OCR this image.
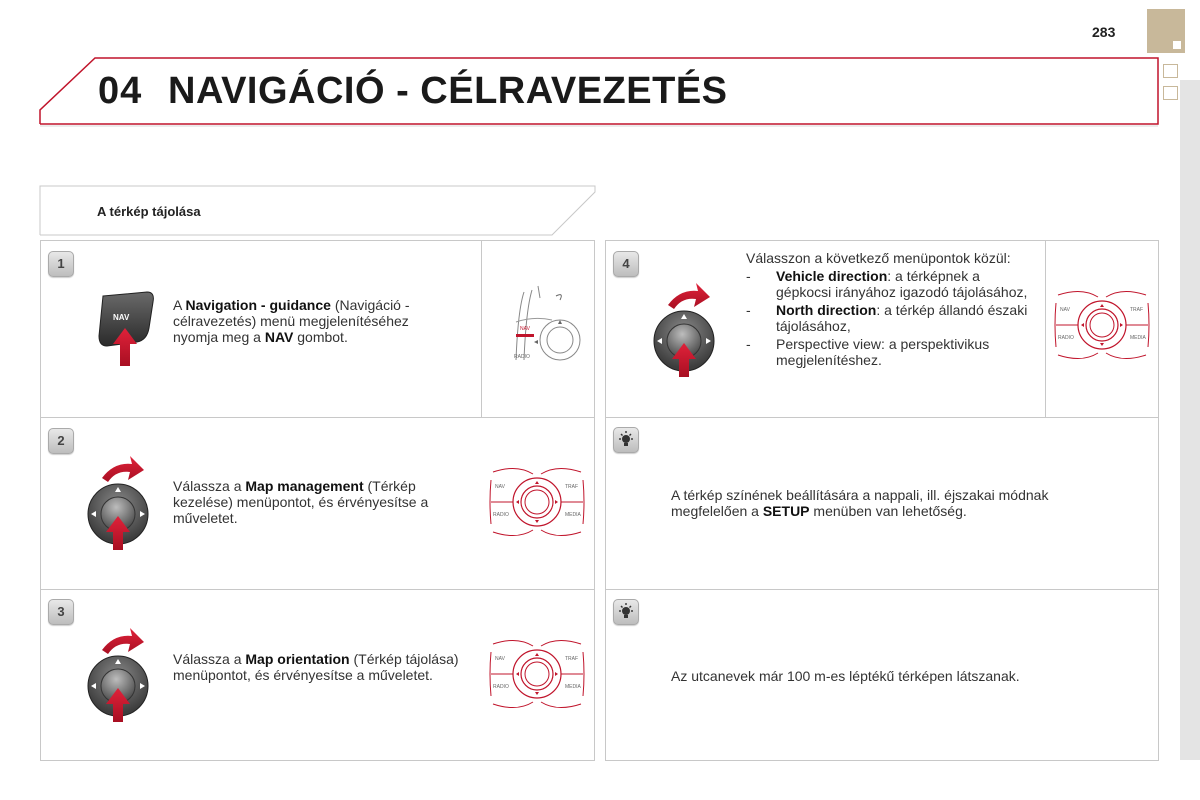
283
04 NAVIGÁCIÓ - CÉLRAVEZETÉS
A térkép tájolása
1
NAV
A Navigation - guidance (Navigáció - célravezetés) menü megjelenítéséhez nyomja meg a NAV gombot.	NAV
RADIO
2
Válassza a Map management (Térkép kezelése) menüpontot, és érvényesítse a műveletet.
NAV	TRAF
RADIO	MEDIA
3
Válassza a Map orientation (Térkép tájolása) menüpontot, és érvényesítse a műveletet.
NAV	TRAF
RADIO	MEDIA
4	Válasszon a következő menüpontok közül:
- Vehicle direction: a térképnek a gépkocsi irányához igazodó tájolásához,
- North direction: a térkép állandó északi tájolásához,
- Perspective view: a perspektivikus megjelenítéshez.
NAV	TRAF
RADIO	MEDIA
A térkép színének beállítására a nappali, ill. éjszakai módnak megfelelően a SETUP menüben van lehetőség.
Az utcanevek már 100 m-es léptékű térképen látszanak.
